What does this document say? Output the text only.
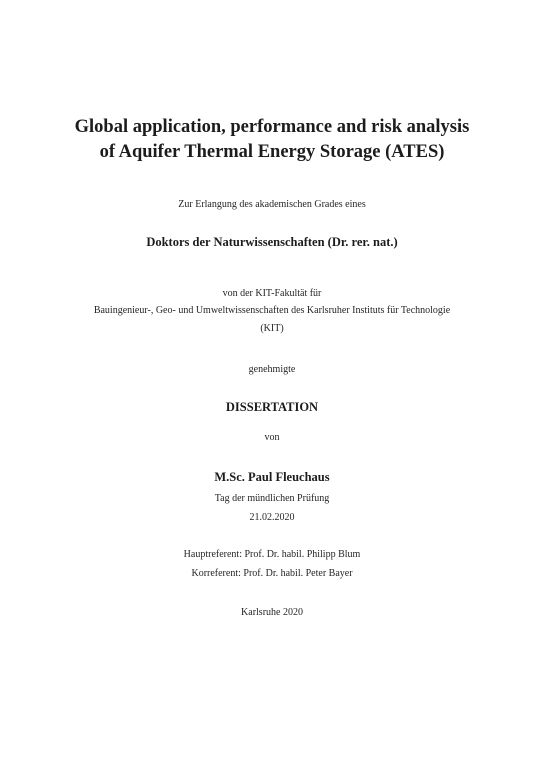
Global application, performance and risk analysis
of Aquifer Thermal Energy Storage (ATES)
Zur Erlangung des akademischen Grades eines
Doktors der Naturwissenschaften (Dr. rer. nat.)
von der KIT-Fakultät für
Bauingenieur-, Geo- und Umweltwissenschaften des Karlsruher Instituts für Technologie
(KIT)
genehmigte
DISSERTATION
von
M.Sc. Paul Fleuchaus
Tag der mündlichen Prüfung
21.02.2020
Hauptreferent: Prof. Dr. habil. Philipp Blum
Korreferent: Prof. Dr. habil. Peter Bayer
Karlsruhe 2020
